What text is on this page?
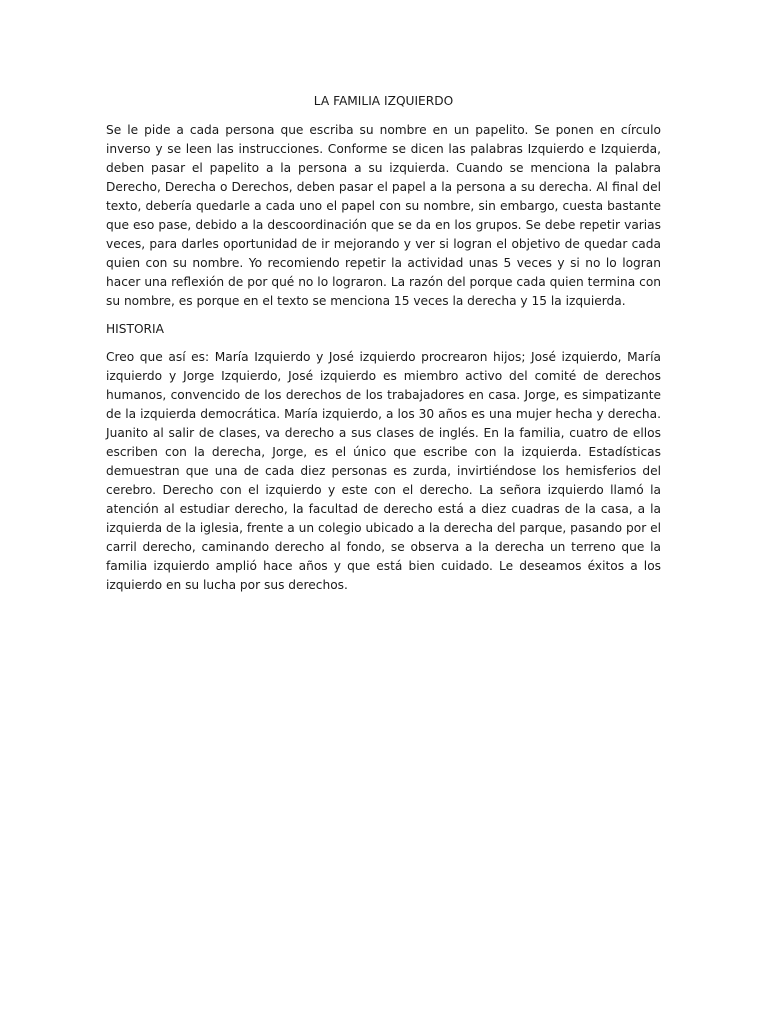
LA FAMILIA IZQUIERDO

Se le pide a cada persona que escriba su nombre en un papelito. Se ponen en círculo inverso y se leen las instrucciones. Conforme se dicen las palabras Izquierdo e Izquierda, deben pasar el papelito a la persona a su izquierda. Cuando se menciona la palabra Derecho, Derecha o Derechos, deben pasar el papel a la persona a su derecha. Al final del texto, debería quedarle a cada uno el papel con su nombre, sin embargo, cuesta bastante que eso pase, debido a la descoordinación que se da en los grupos. Se debe repetir varias veces, para darles oportunidad de ir mejorando y ver si logran el objetivo de quedar cada quien con su nombre. Yo recomiendo repetir la actividad unas 5 veces y si no lo logran hacer una reflexión de por qué no lo lograron. La razón del porque cada quien termina con su nombre, es porque en el texto se menciona 15 veces la derecha y 15 la izquierda.

HISTORIA

Creo que así es: María Izquierdo y José izquierdo procrearon hijos; José izquierdo, María izquierdo y Jorge Izquierdo, José izquierdo es miembro activo del comité de derechos humanos, convencido de los derechos de los trabajadores en casa. Jorge, es simpatizante de la izquierda democrática. María izquierdo, a los 30 años es una mujer hecha y derecha. Juanito al salir de clases, va derecho a sus clases de inglés. En la familia, cuatro de ellos escriben con la derecha, Jorge, es el único que escribe con la izquierda. Estadísticas demuestran que una de cada diez personas es zurda, invirtiéndose los hemisferios del cerebro. Derecho con el izquierdo y este con el derecho. La señora izquierdo llamó la atención al estudiar derecho, la facultad de derecho está a diez cuadras de la casa, a la izquierda de la iglesia, frente a un colegio ubicado a la derecha del parque, pasando por el carril derecho, caminando derecho al fondo, se observa a la derecha un terreno que la familia izquierdo amplió hace años y que está bien cuidado. Le deseamos éxitos a los izquierdo en su lucha por sus derechos.
